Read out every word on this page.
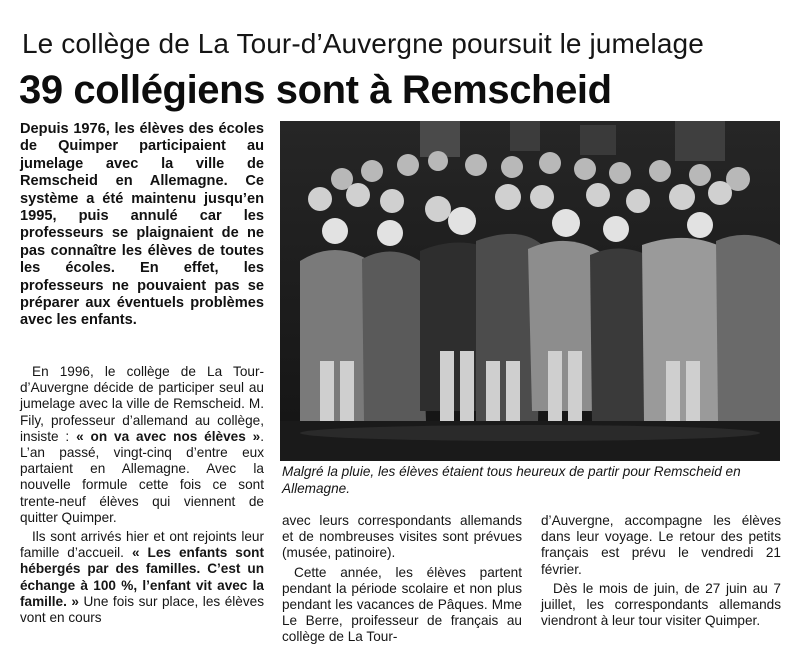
Le collège de La Tour-d’Auvergne poursuit le jumelage
39 collégiens sont à Remscheid
Depuis 1976, les élèves des écoles de Quimper participaient au jumelage avec la ville de Remscheid en Allemagne. Ce système a été maintenu jusqu’en 1995, puis annulé car les professeurs se plaignaient de ne pas connaître les élèves de toutes les écoles. En effet, les professeurs ne pouvaient pas se préparer aux éventuels problèmes avec les enfants.
Malgré la pluie, les élèves étaient tous heureux de partir pour Remscheid en Allemagne.

En 1996, le collège de La Tour-d’Auvergne décide de participer seul au jumelage avec la ville de Remscheid. M. Fily, professeur d’allemand au collège, insiste : « on va avec nos élèves ». L’an passé, vingt-cinq d’entre eux partaient en Allemagne. Avec la nouvelle formule cette fois ce sont trente-neuf élèves qui viennent de quitter Quimper.

Ils sont arrivés hier et ont rejoints leur famille d’accueil. « Les enfants sont hébergés par des familles. C’est un échange à 100 %, l’enfant vit avec la famille. » Une fois sur place, les élèves vont en cours

avec leurs correspondants allemands et de nombreuses visites sont prévues (musée, patinoire).

Cette année, les élèves partent pendant la période scolaire et non plus pendant les vacances de Pâques. Mme Le Berre, proifesseur de français au collège de La Tour-

d’Auvergne, accompagne les élèves dans leur voyage. Le retour des petits français est prévu le vendredi 21 février.

Dès le mois de juin, de 27 juin au 7 juillet, les correspondants allemands viendront à leur tour visiter Quimper.
